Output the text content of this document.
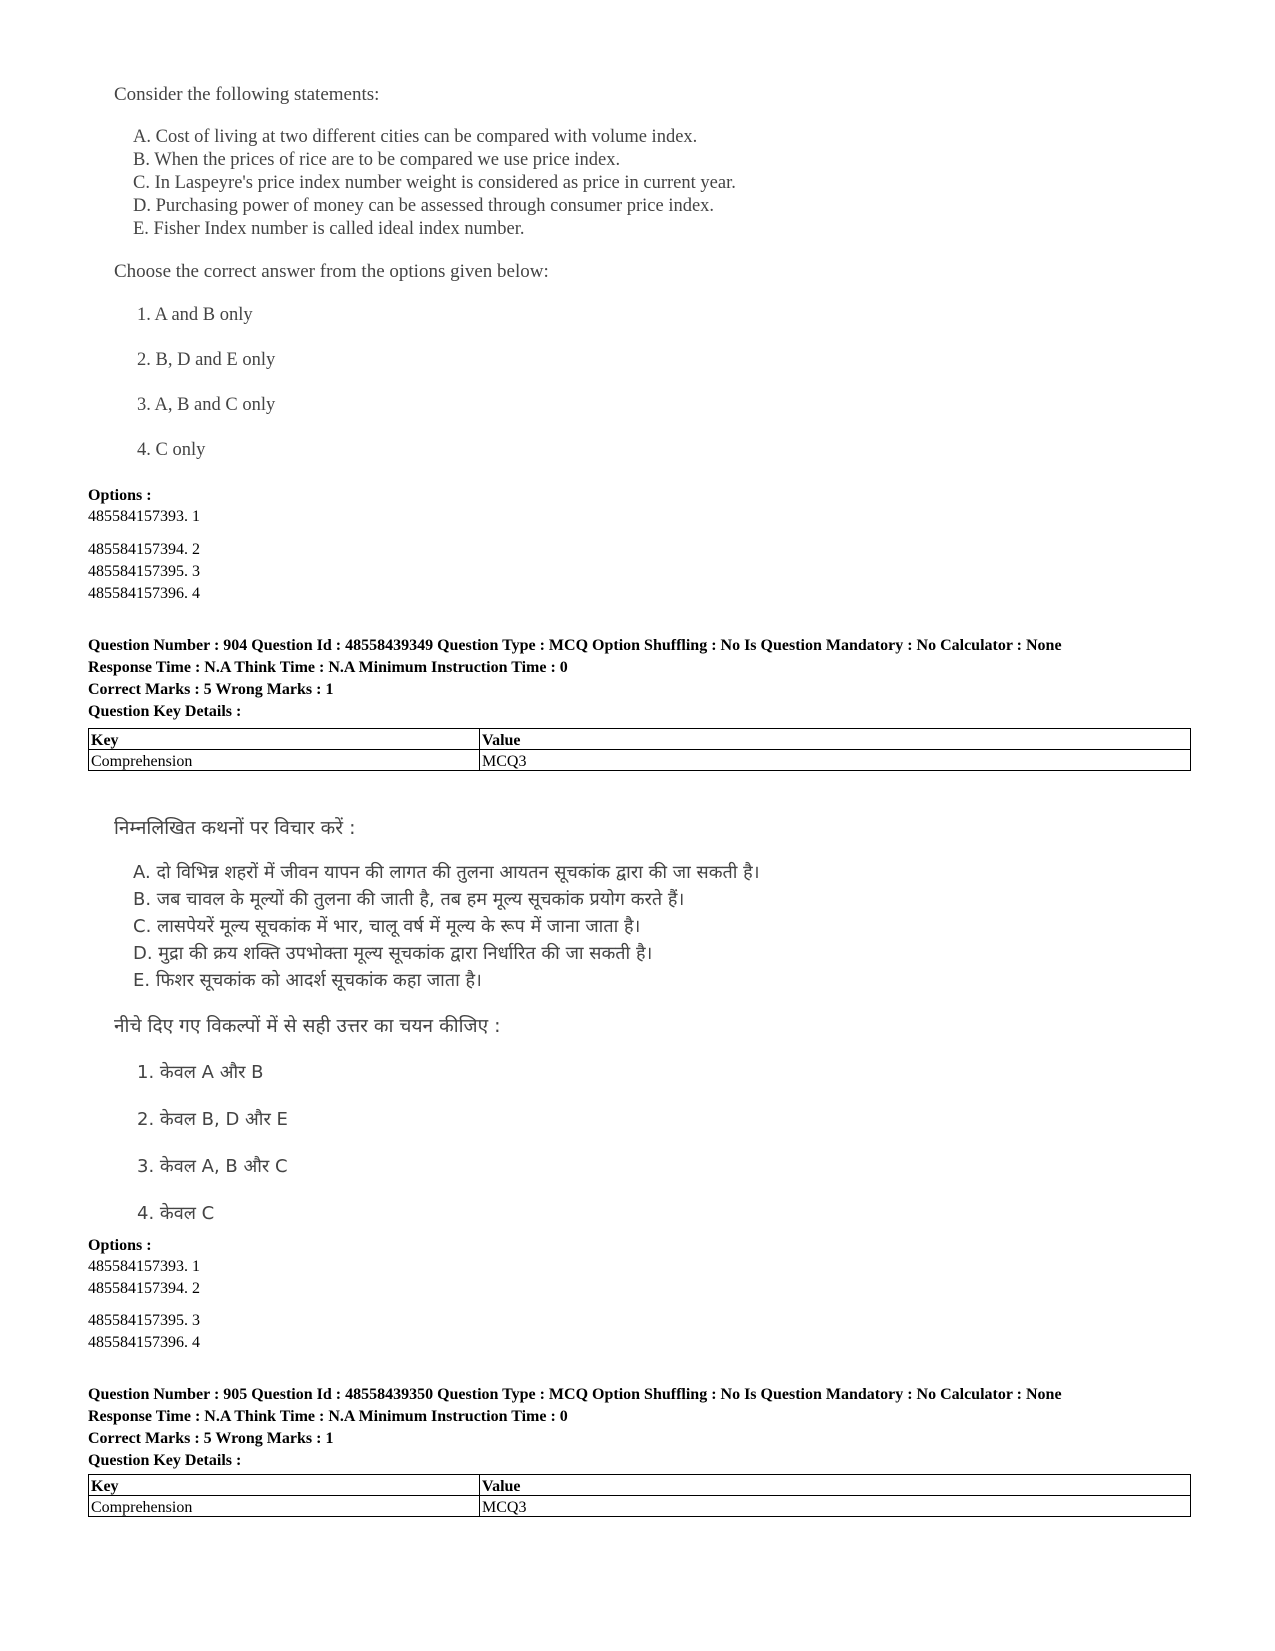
Consider the following statements:
A. Cost of living at two different cities can be compared with volume index.
B. When the prices of rice are to be compared we use price index.
C. In Laspeyre's price index number weight is considered as price in current year.
D. Purchasing power of money can be assessed through consumer price index.
E. Fisher Index number is called ideal index number.
Choose the correct answer from the options given below:
1. A and B only
2. B, D and E only
3. A, B and C only
4. C only
Options :
485584157393. 1
485584157394. 2
485584157395. 3
485584157396. 4
Question Number : 904 Question Id : 48558439349 Question Type : MCQ Option Shuffling : No Is Question Mandatory : No Calculator : None
Response Time : N.A Think Time : N.A Minimum Instruction Time : 0
Correct Marks : 5 Wrong Marks : 1
Question Key Details :
Key	Value
Comprehension	MCQ3
निम्नलिखित कथनों पर विचार करें :
A. दो विभिन्न शहरों में जीवन यापन की लागत की तुलना आयतन सूचकांक द्वारा की जा सकती है।
B. जब चावल के मूल्यों की तुलना की जाती है, तब हम मूल्य सूचकांक प्रयोग करते हैं।
C. लासपेयरें मूल्य सूचकांक में भार, चालू वर्ष में मूल्य के रूप में जाना जाता है।
D. मुद्रा की क्रय शक्ति उपभोक्ता मूल्य सूचकांक द्वारा निर्धारित की जा सकती है।
E. फिशर सूचकांक को आदर्श सूचकांक कहा जाता है।
नीचे दिए गए विकल्पों में से सही उत्तर का चयन कीजिए :
1. केवल A और B
2. केवल B, D और E
3. केवल A, B और C
4. केवल C
Options :
485584157393. 1
485584157394. 2
485584157395. 3
485584157396. 4
Question Number : 905 Question Id : 48558439350 Question Type : MCQ Option Shuffling : No Is Question Mandatory : No Calculator : None
Response Time : N.A Think Time : N.A Minimum Instruction Time : 0
Correct Marks : 5 Wrong Marks : 1
Question Key Details :
Key	Value
Comprehension	MCQ3
